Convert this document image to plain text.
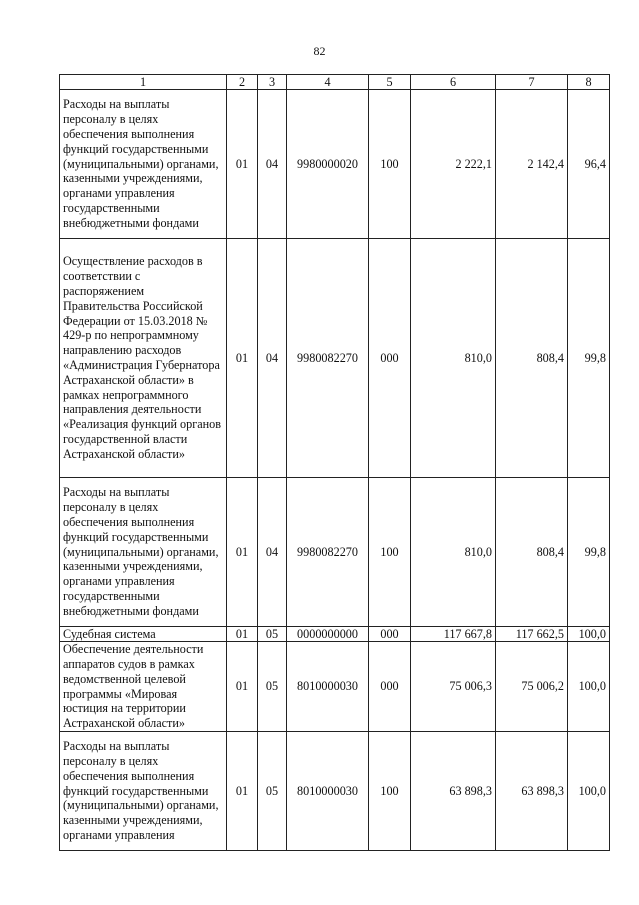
82
1	2	3	4	5	6	7	8
Расходы на выплаты персоналу в целях обеспечения выполнения функций государственными (муниципальными) органами, казенными учреждениями, органами управления государственными внебюджетными фондами	01	04	9980000020	100	2 222,1	2 142,4	96,4
Осуществление расходов в соответствии с распоряжением Правительства Российской Федерации от 15.03.2018 № 429-р по непрограммному направлению расходов «Администрация Губернатора Астраханской области» в рамках непрограммного направления деятельности «Реализация функций органов государственной власти Астраханской области»	01	04	9980082270	000	810,0	808,4	99,8
Расходы на выплаты персоналу в целях обеспечения выполнения функций государственными (муниципальными) органами, казенными учреждениями, органами управления государственными внебюджетными фондами	01	04	9980082270	100	810,0	808,4	99,8
Судебная система	01	05	0000000000	000	117 667,8	117 662,5	100,0
Обеспечение деятельности аппаратов судов в рамках ведомственной целевой программы «Мировая юстиция на территории Астраханской области»	01	05	8010000030	000	75 006,3	75 006,2	100,0
Расходы на выплаты персоналу в целях обеспечения выполнения функций государственными (муниципальными) органами, казенными учреждениями, органами управления	01	05	8010000030	100	63 898,3	63 898,3	100,0
